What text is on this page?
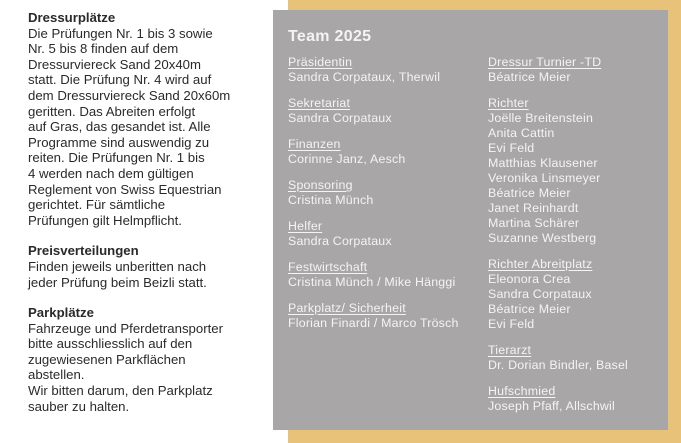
Dressurplätze

Die Prüfungen Nr. 1 bis 3 sowie
Nr. 5 bis 8 finden auf dem
Dressurviereck Sand 20x40m
statt. Die Prüfung Nr. 4 wird auf
dem Dressurviereck Sand 20x60m
geritten. Das Abreiten erfolgt
auf Gras, das gesandet ist. Alle
Programme sind auswendig zu
reiten. Die Prüfungen Nr. 1 bis
4 werden nach dem gültigen
Reglement von Swiss Equestrian
gerichtet. Für sämtliche
Prüfungen gilt Helmpflicht.

Preisverteilungen

Finden jeweils unberitten nach
jeder Prüfung beim Beizli statt.

Parkplätze

Fahrzeuge und Pferdetransporter
bitte ausschliesslich auf den
zugewiesenen Parkflächen
abstellen.
Wir bitten darum, den Parkplatz
sauber zu halten.

Team 2025
Präsidentin
Sandra Corpataux, Therwil
Sekretariat
Sandra Corpataux
Finanzen
Corinne Janz, Aesch
Sponsoring
Cristina Münch
Helfer
Sandra Corpataux
Festwirtschaft
Cristina Münch / Mike Hänggi
Parkplatz/ Sicherheit
Florian Finardi / Marco Trösch
Dressur Turnier -TD
Béatrice Meier
Richter
Joëlle Breitenstein
Anita Cattin
Evi Feld
Matthias Klausener
Veronika Linsmeyer
Béatrice Meier
Janet Reinhardt
Martina Schärer
Suzanne Westberg
Richter Abreitplatz
Eleonora Crea
Sandra Corpataux
Béatrice Meier
Evi Feld
Tierarzt
Dr. Dorian Bindler, Basel
Hufschmied
Joseph Pfaff, Allschwil
